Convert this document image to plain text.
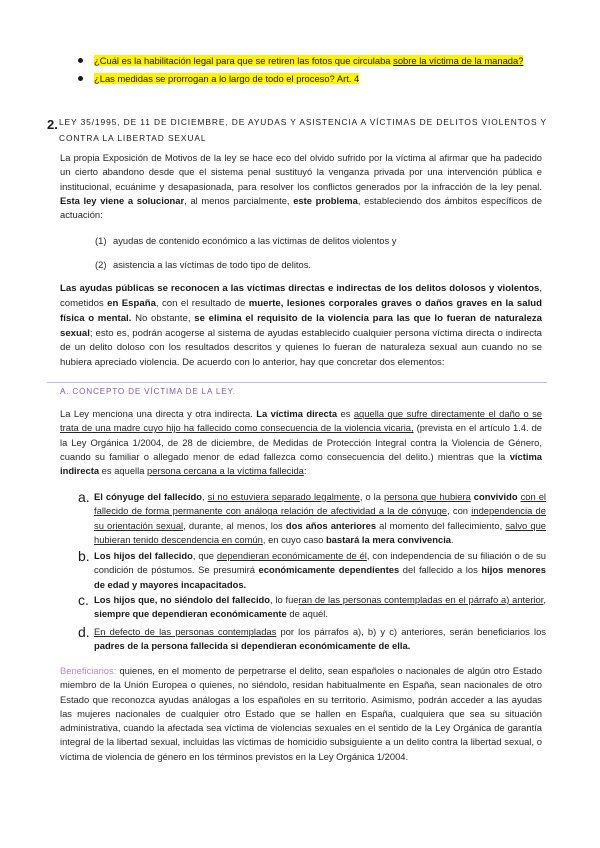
¿Cuál es la habilitación legal para que se retiren las fotos que circulaba sobre la víctima de la manada?
¿Las medidas se prorrogan a lo largo de todo el proceso? Art. 4
2. LEY 35/1995, DE 11 DE DICIEMBRE, DE AYUDAS Y ASISTENCIA A VÍCTIMAS DE DELITOS VIOLENTOS Y CONTRA LA LIBERTAD SEXUAL
La propia Exposición de Motivos de la ley se hace eco del olvido sufrido por la víctima al afirmar que ha padecido un cierto abandono desde que el sistema penal sustituyó la venganza privada por una intervención pública e institucional, ecuánime y desapasionada, para resolver los conflictos generados por la infracción de la ley penal. Esta ley viene a solucionar, al menos parcialmente, este problema, estableciendo dos ámbitos específicos de actuación:
(1) ayudas de contenido económico a las víctimas de delitos violentos y
(2) asistencia a las víctimas de todo tipo de delitos.
Las ayudas públicas se reconocen a las víctimas directas e indirectas de los delitos dolosos y violentos, cometidos en España, con el resultado de muerte, lesiones corporales graves o daños graves en la salud física o mental. No obstante, se elimina el requisito de la violencia para las que lo fueran de naturaleza sexual; esto es, podrán acogerse al sistema de ayudas establecido cualquier persona víctima directa o indirecta de un delito doloso con los resultados descritos y quienes lo fueran de naturaleza sexual aun cuando no se hubiera apreciado violencia. De acuerdo con lo anterior, hay que concretar dos elementos:
A. CONCEPTO DE VÍCTIMA DE LA LEY.
La Ley menciona una directa y otra indirecta. La víctima directa es aquella que sufre directamente el daño o se trata de una madre cuyo hijo ha fallecido como consecuencia de la violencia vicaria, (prevista en el artículo 1.4. de la Ley Orgánica 1/2004, de 28 de diciembre, de Medidas de Protección Integral contra la Violencia de Género, cuando su familiar o allegado menor de edad fallezca como consecuencia del delito.) mientras que la víctima indirecta es aquella persona cercana a la víctima fallecida:
a. El cónyuge del fallecido, si no estuviera separado legalmente, o la persona que hubiera convivido con el fallecido de forma permanente con análoga relación de afectividad a la de cónyuge, con independencia de su orientación sexual, durante, al menos, los dos años anteriores al momento del fallecimiento, salvo que hubieran tenido descendencia en común, en cuyo caso bastará la mera convivencia.
b. Los hijos del fallecido, que dependieran económicamente de él, con independencia de su filiación o de su condición de póstumos. Se presumirá económicamente dependientes del fallecido a los hijos menores de edad y mayores incapacitados.
c. Los hijos que, no siéndolo del fallecido, lo fueran de las personas contempladas en el párrafo a) anterior, siempre que dependieran económicamente de aquél.
d. En defecto de las personas contempladas por los párrafos a), b) y c) anteriores, serán beneficiarios los padres de la persona fallecida si dependieran económicamente de ella.
Beneficiarios: quienes, en el momento de perpetrarse el delito, sean españoles o nacionales de algún otro Estado miembro de la Unión Europea o quienes, no siéndolo, residan habitualmente en España, sean nacionales de otro Estado que reconozca ayudas análogas a los españoles en su territorio. Asimismo, podrán acceder a las ayudas las mujeres nacionales de cualquier otro Estado que se hallen en España, cualquiera que sea su situación administrativa, cuando la afectada sea víctima de violencias sexuales en el sentido de la Ley Orgánica de garantía integral de la libertad sexual, incluidas las víctimas de homicidio subsiguiente a un delito contra la libertad sexual, o víctima de violencia de género en los términos previstos en la Ley Orgánica 1/2004.
